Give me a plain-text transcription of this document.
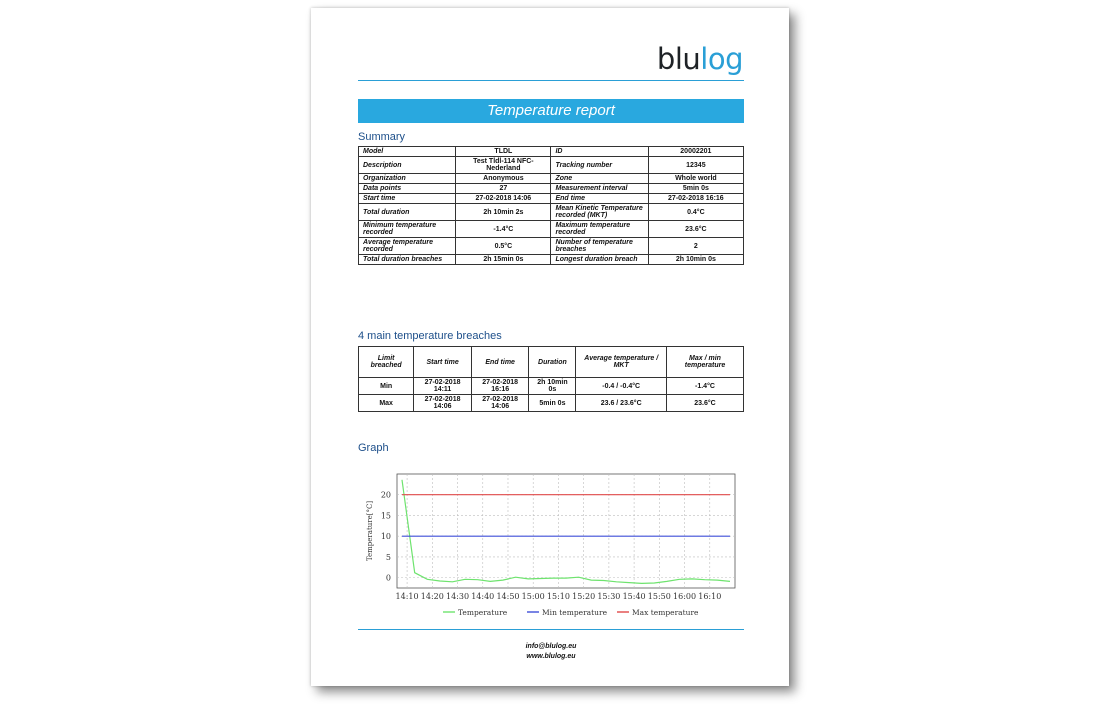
blulog
Temperature report
Summary
Model	TLDL	ID	20002201
Description	Test Tldl-114 NFC-Nederland	Tracking number	12345
Organization	Anonymous	Zone	Whole world
Data points	27	Measurement interval	5min 0s
Start time	27-02-2018 14:06	End time	27-02-2018 16:16
Total duration	2h 10min 2s	Mean Kinetic Temperature recorded (MKT)	0.4°C
Minimum temperature recorded	-1.4°C	Maximum temperature recorded	23.6°C
Average temperature recorded	0.5°C	Number of temperature breaches	2
Total duration breaches	2h 15min 0s	Longest duration breach	2h 10min 0s
4 main temperature breaches
Limit breached	Start time	End time	Duration	Average temperature / MKT	Max / min temperature
Min	27-02-2018 14:11	27-02-2018 16:16	2h 10min 0s	-0.4 / -0.4°C	-1.4°C
Max	27-02-2018 14:06	27-02-2018 14:06	5min 0s	23.6 / 23.6°C	23.6°C
Graph
0
5
10
15
20
14:10 14:20 14:30 14:40 14:50 15:00 15:10 15:20 15:30 15:40 15:50 16:00 16:10
Temperature[°C]
Temperature	Min temperature	Max temperature
info@blulog.eu
www.blulog.eu
